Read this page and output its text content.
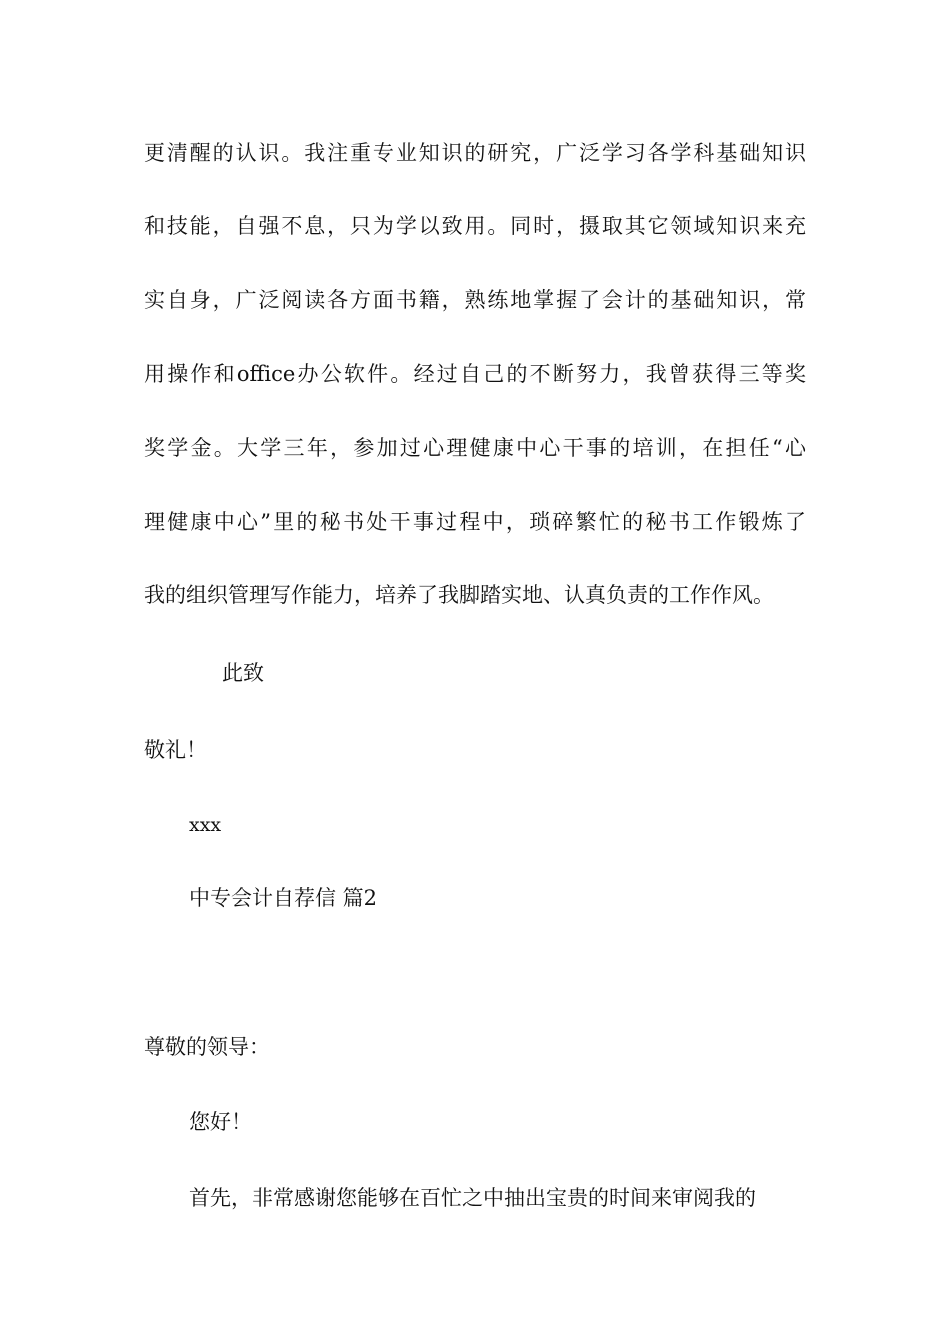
更清醒的认识。我注重专业知识的研究，广泛学习各学科基础知识
和技能，自强不息，只为学以致用。同时，摄取其它领域知识来充
实自身，广泛阅读各方面书籍，熟练地掌握了会计的基础知识，常
用操作和office办公软件。经过自己的不断努力，我曾获得三等奖
奖学金。大学三年，参加过心理健康中心干事的培训，在担任“心
理健康中心”里的秘书处干事过程中，琐碎繁忙的秘书工作锻炼了
我的组织管理写作能力，培养了我脚踏实地、认真负责的工作作风。
此致
敬礼！
xxx
中专会计自荐信 篇2
尊敬的领导：
您好！
首先，非常感谢您能够在百忙之中抽出宝贵的时间来审阅我的
